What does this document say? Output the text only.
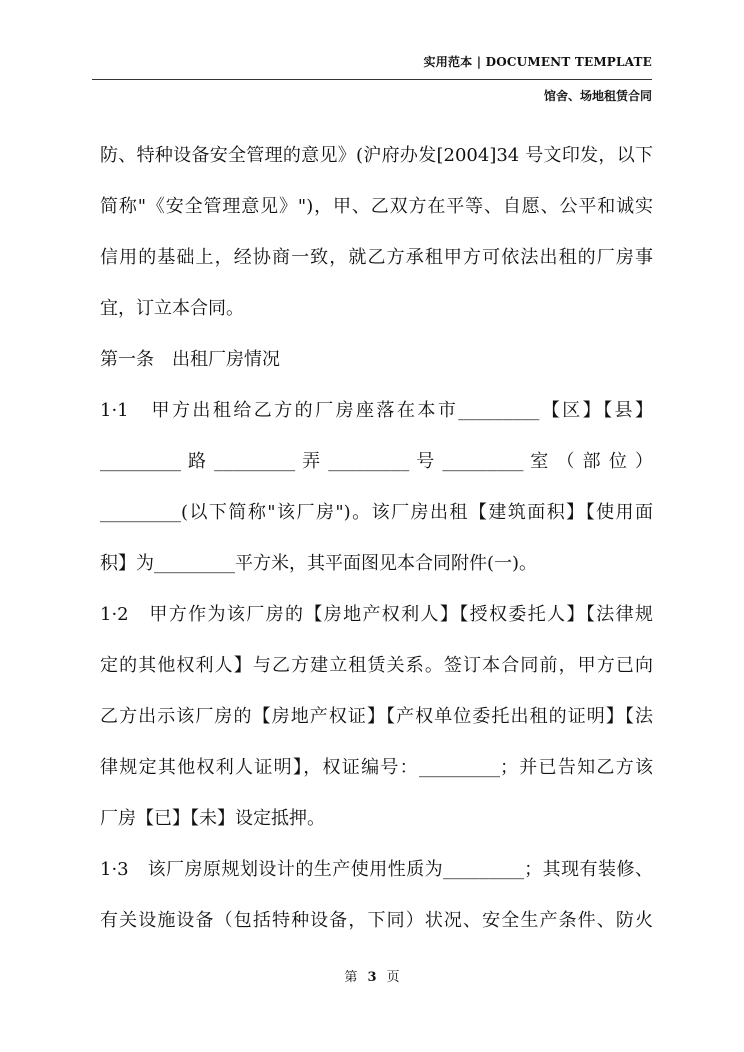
实用范本 | DOCUMENT TEMPLATE
馆舍、场地租赁合同
防、特种设备安全管理的意见》(沪府办发[2004]34 号文印发，以下
简称"《安全管理意见》")，甲、乙双方在平等、自愿、公平和诚实
信用的基础上，经协商一致，就乙方承租甲方可依法出租的厂房事
宜，订立本合同。
第一条　出租厂房情况
1·1　甲方出租给乙方的厂房座落在本市_________【区】【县】
_________ 路 _________ 弄 _________ 号 _________ 室 （ 部 位 ）
_________(以下简称"该厂房")。该厂房出租【建筑面积】【使用面
积】为_________平方米，其平面图见本合同附件(一)。
1·2　甲方作为该厂房的【房地产权利人】【授权委托人】【法律规
定的其他权利人】与乙方建立租赁关系。签订本合同前，甲方已向
乙方出示该厂房的【房地产权证】【产权单位委托出租的证明】【法
律规定其他权利人证明】，权证编号：_________；并已告知乙方该
厂房【已】【未】设定抵押。
1·3　该厂房原规划设计的生产使用性质为_________；其现有装修、
有关设施设备（包括特种设备，下同）状况、安全生产条件、防火
第 3 页
